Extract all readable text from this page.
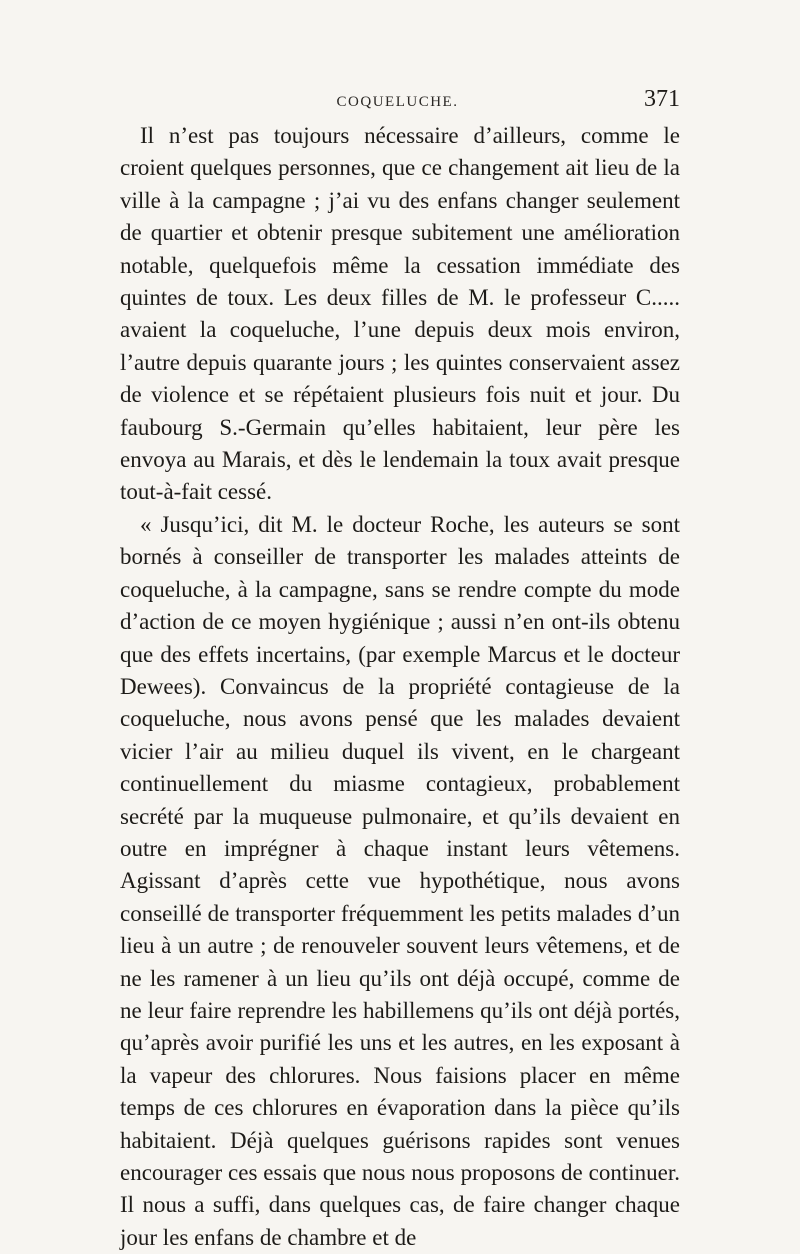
COQUELUCHE.	371

Il n’est pas toujours nécessaire d’ailleurs, comme le croient quelques personnes, que ce changement ait lieu de la ville à la campagne ; j’ai vu des enfans changer seulement de quartier et obtenir presque subitement une amélioration notable, quelquefois même la cessation immédiate des quintes de toux. Les deux filles de M. le professeur C..... avaient la coqueluche, l’une depuis deux mois environ, l’autre depuis quarante jours ; les quintes conservaient assez de violence et se répétaient plusieurs fois nuit et jour. Du faubourg S.-Germain qu’elles habitaient, leur père les envoya au Marais, et dès le lendemain la toux avait presque tout-à-fait cessé.

« Jusqu’ici, dit M. le docteur Roche, les auteurs se sont bornés à conseiller de transporter les malades atteints de coqueluche, à la campagne, sans se rendre compte du mode d’action de ce moyen hygiénique ; aussi n’en ont-ils obtenu que des effets incertains, (par exemple Marcus et le docteur Dewees). Convaincus de la propriété contagieuse de la coqueluche, nous avons pensé que les malades devaient vicier l’air au milieu duquel ils vivent, en le chargeant continuellement du miasme contagieux, probablement secrété par la muqueuse pulmonaire, et qu’ils devaient en outre en imprégner à chaque instant leurs vêtemens. Agissant d’après cette vue hypothétique, nous avons conseillé de transporter fréquemment les petits malades d’un lieu à un autre ; de renouveler souvent leurs vêtemens, et de ne les ramener à un lieu qu’ils ont déjà occupé, comme de ne leur faire reprendre les habillemens qu’ils ont déjà portés, qu’après avoir purifié les uns et les autres, en les exposant à la vapeur des chlorures. Nous faisions placer en même temps de ces chlorures en évaporation dans la pièce qu’ils habitaient. Déjà quelques guérisons rapides sont venues encourager ces essais que nous nous proposons de continuer. Il nous a suffi, dans quelques cas, de faire changer chaque jour les enfans de chambre et de
